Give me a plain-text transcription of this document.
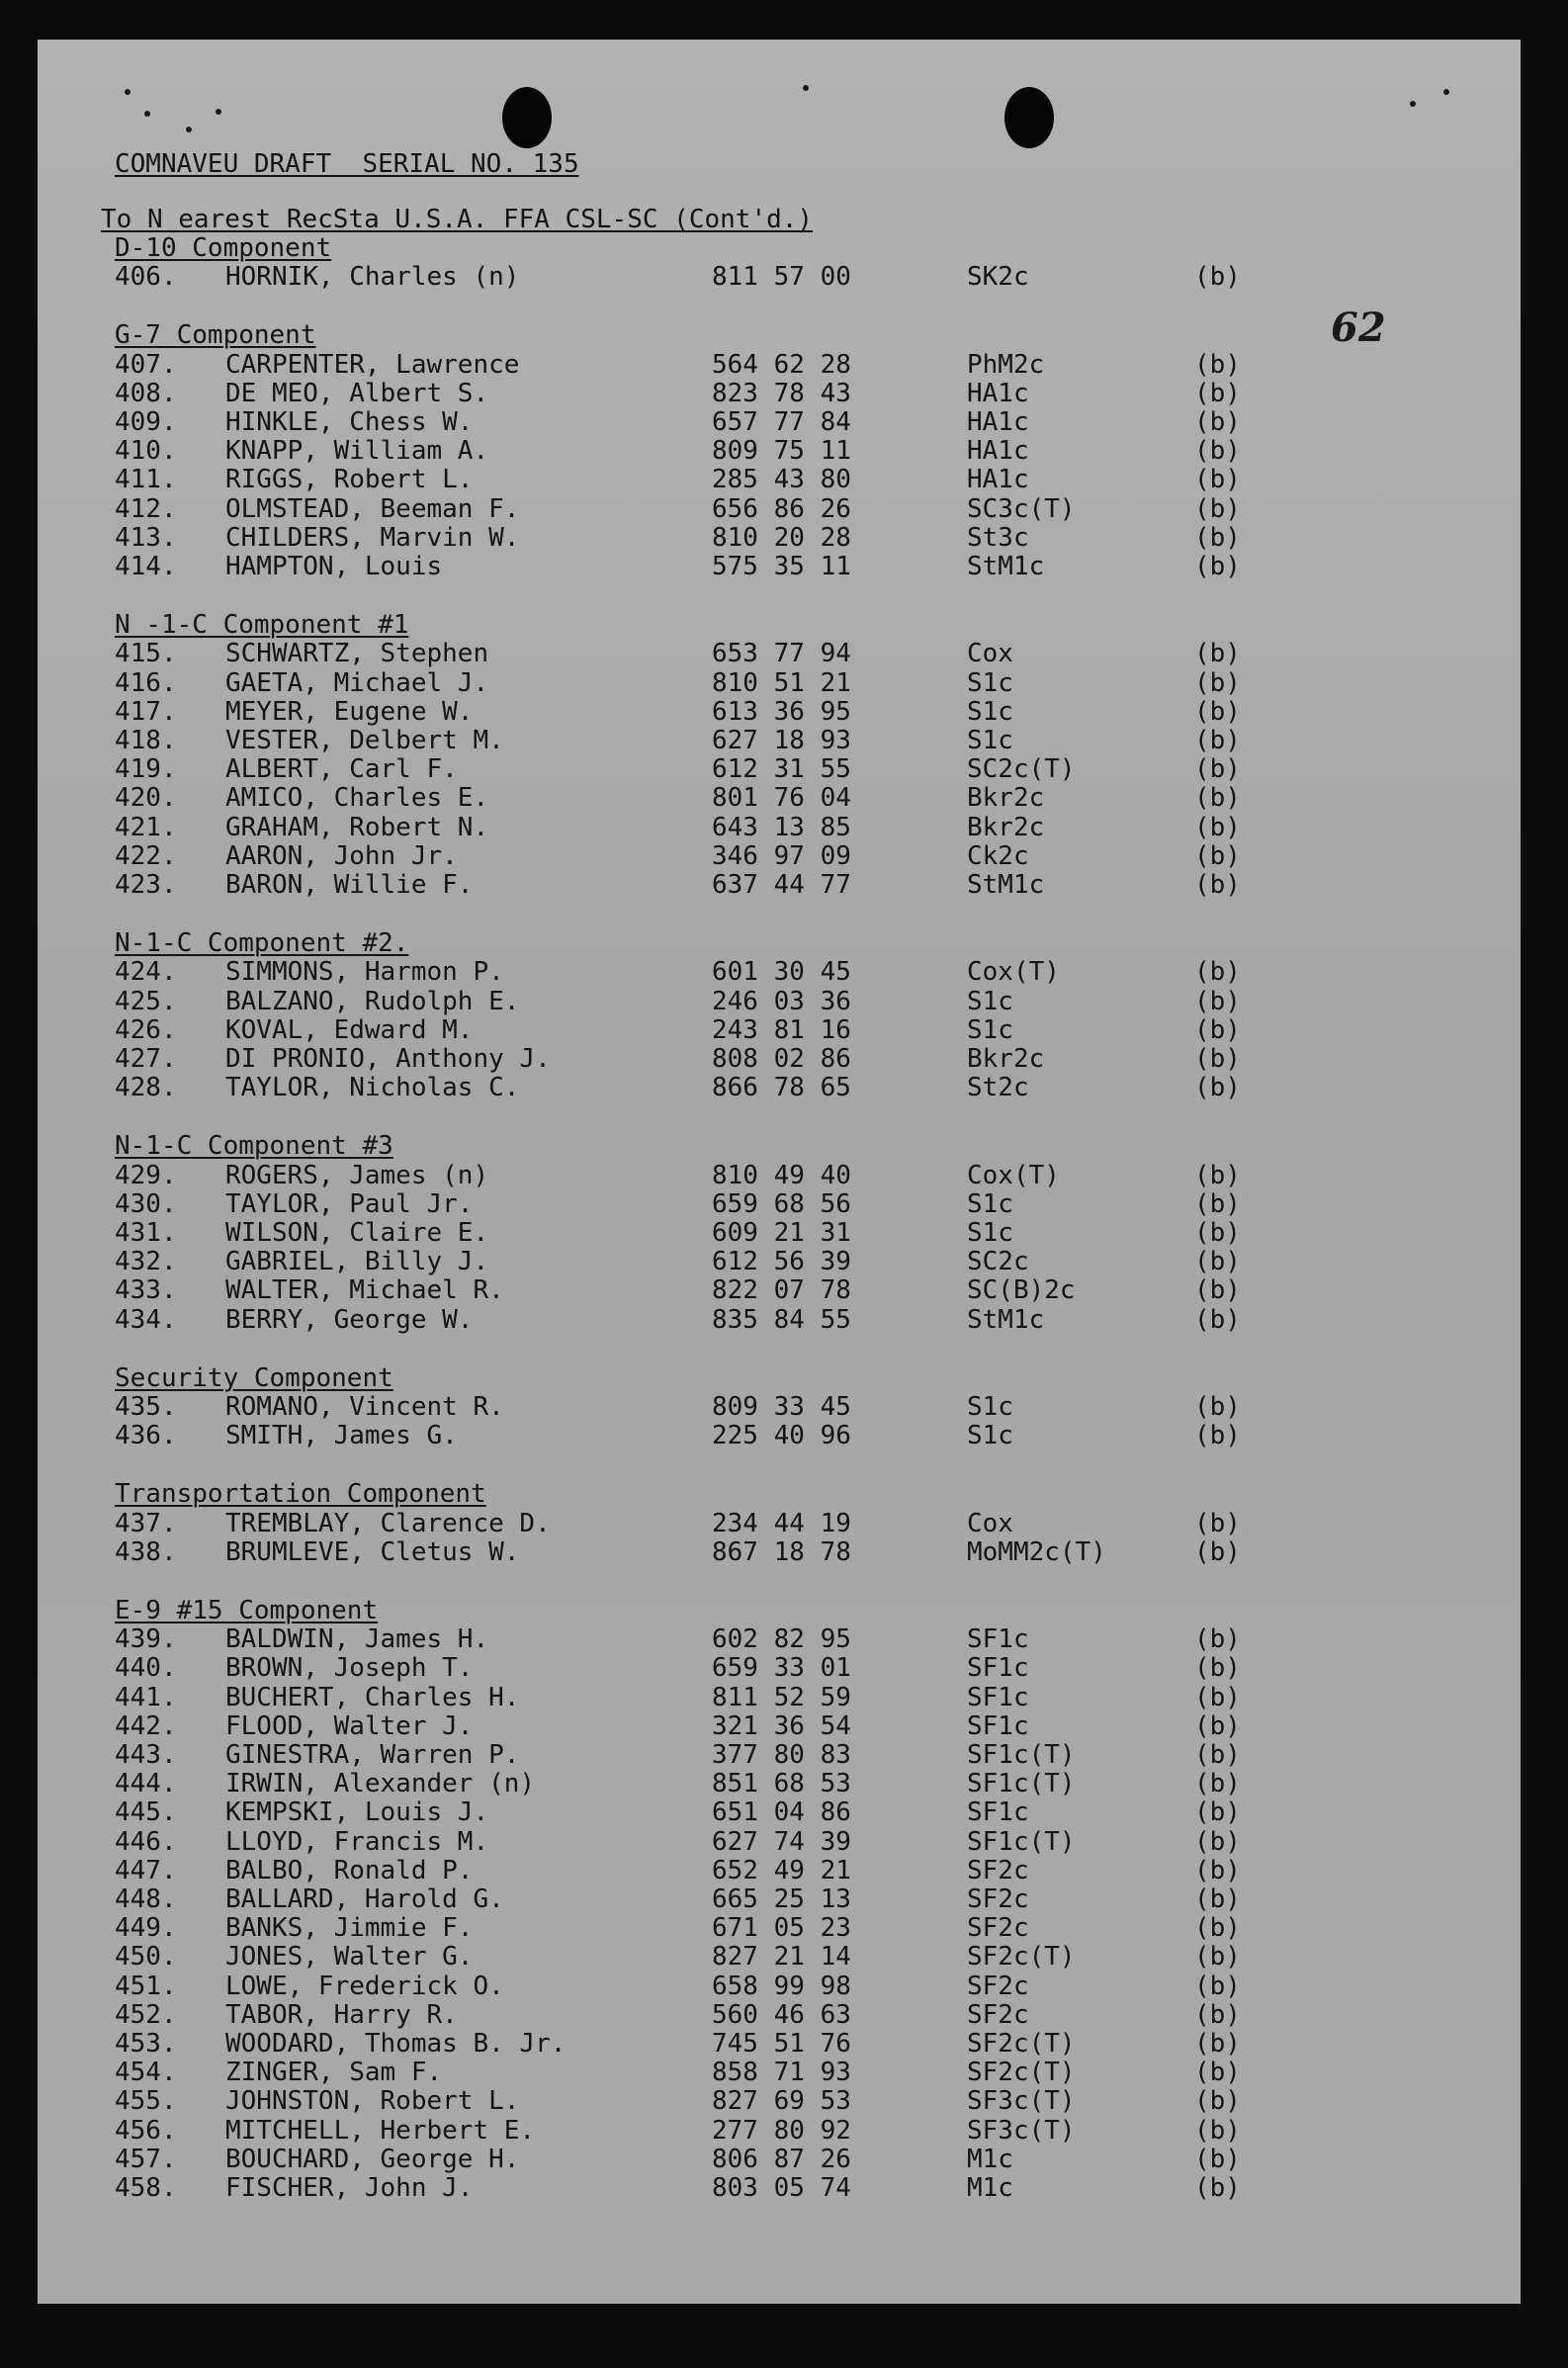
62
COMNAVEU DRAFT  SERIAL NO. 135
To N earest RecSta U.S.A. FFA CSL-SC (Cont'd.)
D-10 Component
406. HORNIK, Charles (n)	811 57 00	SK2c	(b)
G-7 Component
407. CARPENTER, Lawrence	564 62 28	PhM2c	(b)
408. DE MEO, Albert S.	823 78 43	HA1c	(b)
409. HINKLE, Chess W.	657 77 84	HA1c	(b)
410. KNAPP, William A.	809 75 11	HA1c	(b)
411. RIGGS, Robert L.	285 43 80	HA1c	(b)
412. OLMSTEAD, Beeman F.	656 86 26	SC3c(T)	(b)
413. CHILDERS, Marvin W.	810 20 28	St3c	(b)
414. HAMPTON, Louis	575 35 11	StM1c	(b)
N -1-C Component #1
415. SCHWARTZ, Stephen	653 77 94	Cox	(b)
416. GAETA, Michael J.	810 51 21	S1c	(b)
417. MEYER, Eugene W.	613 36 95	S1c	(b)
418. VESTER, Delbert M.	627 18 93	S1c	(b)
419. ALBERT, Carl F.	612 31 55	SC2c(T)	(b)
420. AMICO, Charles E.	801 76 04	Bkr2c	(b)
421. GRAHAM, Robert N.	643 13 85	Bkr2c	(b)
422. AARON, John Jr.	346 97 09	Ck2c	(b)
423. BARON, Willie F.	637 44 77	StM1c	(b)
N-1-C Component #2.
424. SIMMONS, Harmon P.	601 30 45	Cox(T)	(b)
425. BALZANO, Rudolph E.	246 03 36	S1c	(b)
426. KOVAL, Edward M.	243 81 16	S1c	(b)
427. DI PRONIO, Anthony J.	808 02 86	Bkr2c	(b)
428. TAYLOR, Nicholas C.	866 78 65	St2c	(b)
N-1-C Component #3
429. ROGERS, James (n)	810 49 40	Cox(T)	(b)
430. TAYLOR, Paul Jr.	659 68 56	S1c	(b)
431. WILSON, Claire E.	609 21 31	S1c	(b)
432. GABRIEL, Billy J.	612 56 39	SC2c	(b)
433. WALTER, Michael R.	822 07 78	SC(B)2c	(b)
434. BERRY, George W.	835 84 55	StM1c	(b)
Security Component
435. ROMANO, Vincent R.	809 33 45	S1c	(b)
436. SMITH, James G.	225 40 96	S1c	(b)
Transportation Component
437. TREMBLAY, Clarence D.	234 44 19	Cox	(b)
438. BRUMLEVE, Cletus W.	867 18 78	MoMM2c(T)	(b)
E-9 #15 Component
439. BALDWIN, James H.	602 82 95	SF1c	(b)
440. BROWN, Joseph T.	659 33 01	SF1c	(b)
441. BUCHERT, Charles H.	811 52 59	SF1c	(b)
442. FLOOD, Walter J.	321 36 54	SF1c	(b)
443. GINESTRA, Warren P.	377 80 83	SF1c(T)	(b)
444. IRWIN, Alexander (n)	851 68 53	SF1c(T)	(b)
445. KEMPSKI, Louis J.	651 04 86	SF1c	(b)
446. LLOYD, Francis M.	627 74 39	SF1c(T)	(b)
447. BALBO, Ronald P.	652 49 21	SF2c	(b)
448. BALLARD, Harold G.	665 25 13	SF2c	(b)
449. BANKS, Jimmie F.	671 05 23	SF2c	(b)
450. JONES, Walter G.	827 21 14	SF2c(T)	(b)
451. LOWE, Frederick O.	658 99 98	SF2c	(b)
452. TABOR, Harry R.	560 46 63	SF2c	(b)
453. WOODARD, Thomas B. Jr.	745 51 76	SF2c(T)	(b)
454. ZINGER, Sam F.	858 71 93	SF2c(T)	(b)
455. JOHNSTON, Robert L.	827 69 53	SF3c(T)	(b)
456. MITCHELL, Herbert E.	277 80 92	SF3c(T)	(b)
457. BOUCHARD, George H.	806 87 26	M1c	(b)
458. FISCHER, John J.	803 05 74	M1c	(b)
